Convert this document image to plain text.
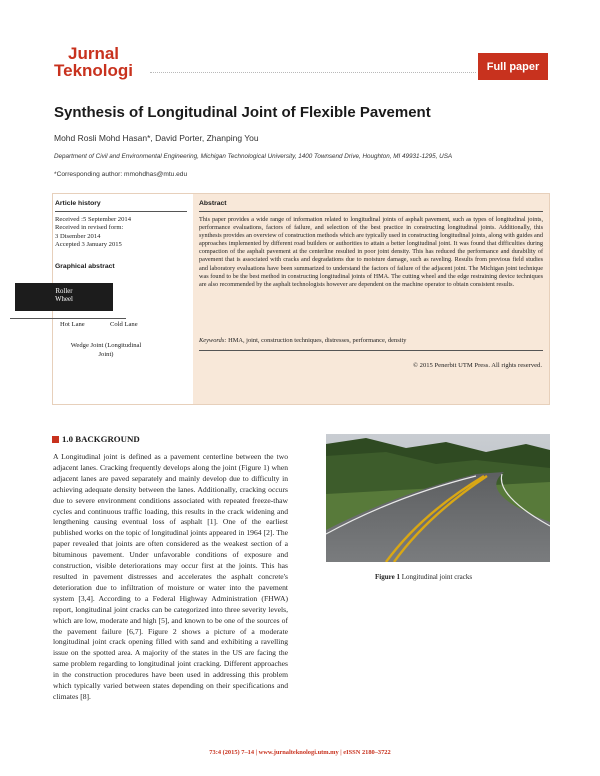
Jurnal
Teknologi	Full paper
Synthesis of Longitudinal Joint of Flexible Pavement
Mohd Rosli Mohd Hasan*, David Porter, Zhanping You
Department of Civil and Environmental Engineering, Michigan Technological University, 1400 Townsend Drive, Houghton, MI 49931-1295, USA
*Corresponding author: mmohdhas@mtu.edu
Article history
Received :5 September 2014
Received in revised form:
3 Disember 2014
Accepted 3 January 2015
Graphical abstract
Abstract
This paper provides a wide range of information related to longitudinal joints of asphalt pavement, such as types of longitudinal joints, performance evaluations, factors of failure, and selection of the best practice in constructing longitudinal joints. Additionally, this synthesis provides an overview of construction methods which are typically used in constructing longitudinal joints, along with guides and approaches implemented by different road builders or authorities to attain a better longitudinal joint. It was found that difficulties during compaction of the asphalt pavement at the centerline resulted in poor joint density. This has reduced the performance and durability of pavement that is associated with cracks and degradations due to moisture damage, such as raveling. Results from previous field studies and laboratory evaluations have been summarized to understand the factors of failure of the adjacent joint. The Michigan joint technique was found to be the best method in constructing longitudinal joints of HMA. The cutting wheel and the edge restraining device techniques are also recommended by the asphalt technologists however are dependent on the machine operator to obtain consistent results.
Keywords: HMA, joint, construction techniques, distresses, performance, density
© 2015 Penerbit UTM Press. All rights reserved.
Roller
Wheel
Hot Lane	Cold Lane
Wedge Joint (Longitudinal
Joint)
1.0 BACKGROUND
A Longitudinal joint is defined as a pavement centerline between the two adjacent lanes. Cracking frequently develops along the joint (Figure 1) when adjacent lanes are paved separately and mainly develop due to difficulty in achieving adequate density between the lanes. Additionally, cracking occurs due to severe environment conditions associated with repeated freeze-thaw cycles and continuous traffic loading, this results in the crack widening and lengthening causing eventual loss of asphalt [1]. One of the earliest published works on the topic of longitudinal joints appeared in 1964 [2]. The paper revealed that joints are often considered as the weakest section of a bituminous pavement. Under unfavorable conditions of exposure and construction, visible deteriorations may occur first at the joints. This has resulted in pavement distresses and accelerates the asphalt concrete's deterioration due to infiltration of moisture or water into the pavement system [3,4]. According to a Federal Highway Administration (FHWA) report, longitudinal joint cracks can be categorized into three severity levels, which are low, moderate and high [5], and known to be one of the sources of the pavement failure [6,7]. Figure 2 shows a picture of a moderate longitudinal joint crack opening filled with sand and exhibiting a ravelling issue on the spotted area. A majority of the states in the US are facing the same problem regarding to longitudinal joint cracking. Different approaches in the construction procedures have been used in addressing this problem which typically varied between states depending on their specifications and climates [8].
Figure 1 Longitudinal joint cracks
73:4 (2015) 7–14 | www.jurnalteknologi.utm.my | eISSN 2180–3722
